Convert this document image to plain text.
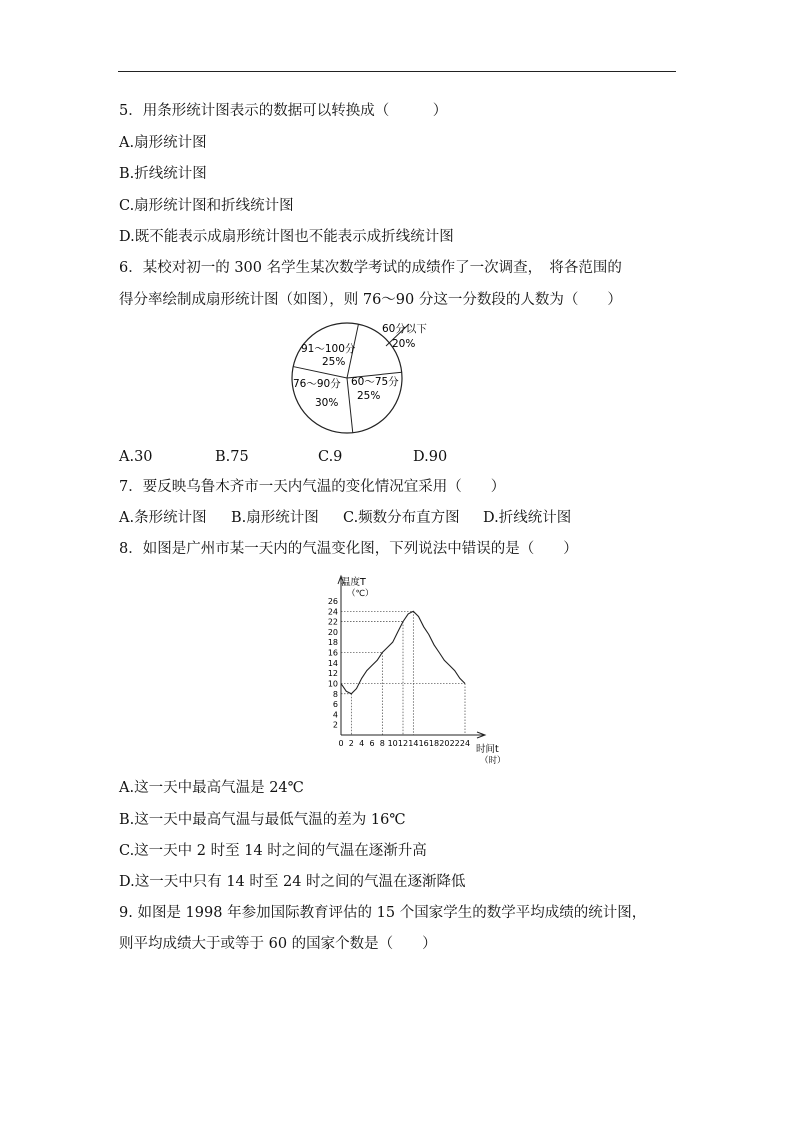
5．用条形统计图表示的数据可以转换成（　　　）
A.扇形统计图
B.折线统计图
C.扇形统计图和折线统计图
D.既不能表示成扇形统计图也不能表示成折线统计图
6．某校对初一的 300 名学生某次数学考试的成绩作了一次调查，　将各范围的
得分率绘制成扇形统计图（如图），则 76～90 分这一分数段的人数为（　　）
60分以下
20%
60～75分
25%
76～90分
30%
91～100分
25%
A.30	B.75	C.9	D.90
7．要反映乌鲁木齐市一天内气温的变化情况宜采用（　　）
A.条形统计图 B.扇形统计图 C.频数分布直方图 D.折线统计图
8．如图是广州市某一天内的气温变化图，下列说法中错误的是（　　）
温度T
（℃）
2
4
6
8
10
12
14
16
18
20
22
24
26
0 2 4 6 8 10 12 14 16 18 20 22 24
时间t
（时）
A.这一天中最高气温是 24℃
B.这一天中最高气温与最低气温的差为 16℃
C.这一天中 2 时至 14 时之间的气温在逐渐升高
D.这一天中只有 14 时至 24 时之间的气温在逐渐降低
9. 如图是 1998 年参加国际教育评估的 15 个国家学生的数学平均成绩的统计图，
则平均成绩大于或等于 60 的国家个数是（　　）
